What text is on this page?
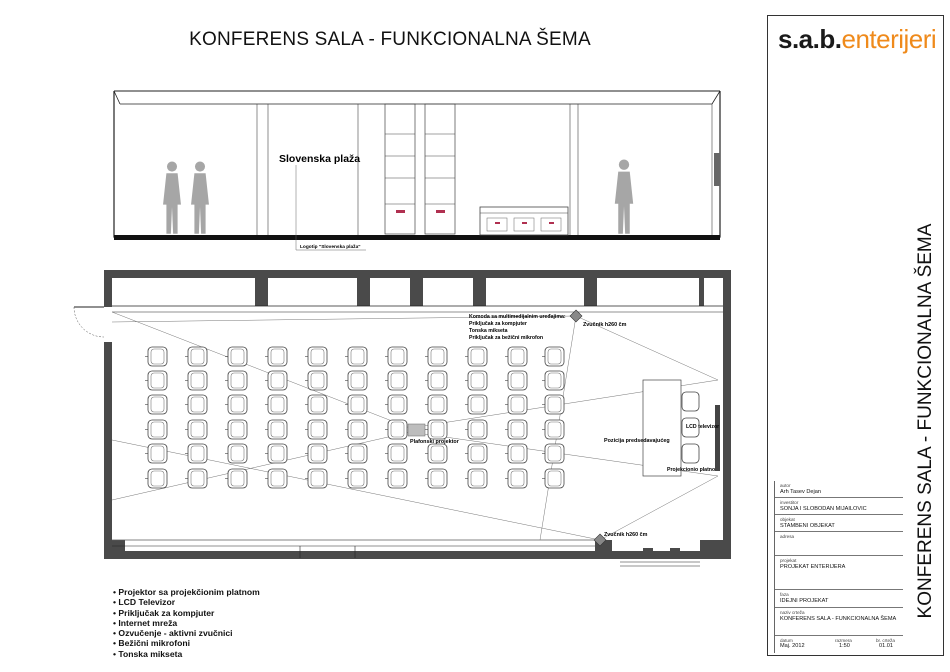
KONFERENS SALA - FUNKCIONALNA ŠEMA
Slovenska plaža
Logotip "Slovenska plaža"
Komoda sa multimedijalnim uređajima:
Priključak za kompjuter
Tonska mikseta
Priključak za bežični mikrofon
Zvučnik h260 čm
Zvučnik h260 čm
Plafonski projektor	Pozicija predsedavajućeg
LCD televizor
Projekcionio platno
• Projektor sa projekčionim platnom
• LCD Televizor
• Priključak za kompjuter
• Internet mreža
• Ozvučenje - aktivni zvučnici
• Bežični mikrofoni
• Tonska mikseta
s.a.b.enterijeri
KONFERENS SALA - FUNKCIONALNA ŠEMA
autor
Arh Tasev Dejan
investitor
SONJA I SLOBODAN MIJAILOVIC
objekat
STAMBENI OBJEKAT
adresa
projekat
PROJEKAT ENTERIJERA
faza
IDEJNI PROJEKAT
naziv crteža
KONFERENS SALA - FUNKCIONALNA ŠEMA
datum
Maj. 2012
razmera
1:50
br. crteža
01.01
